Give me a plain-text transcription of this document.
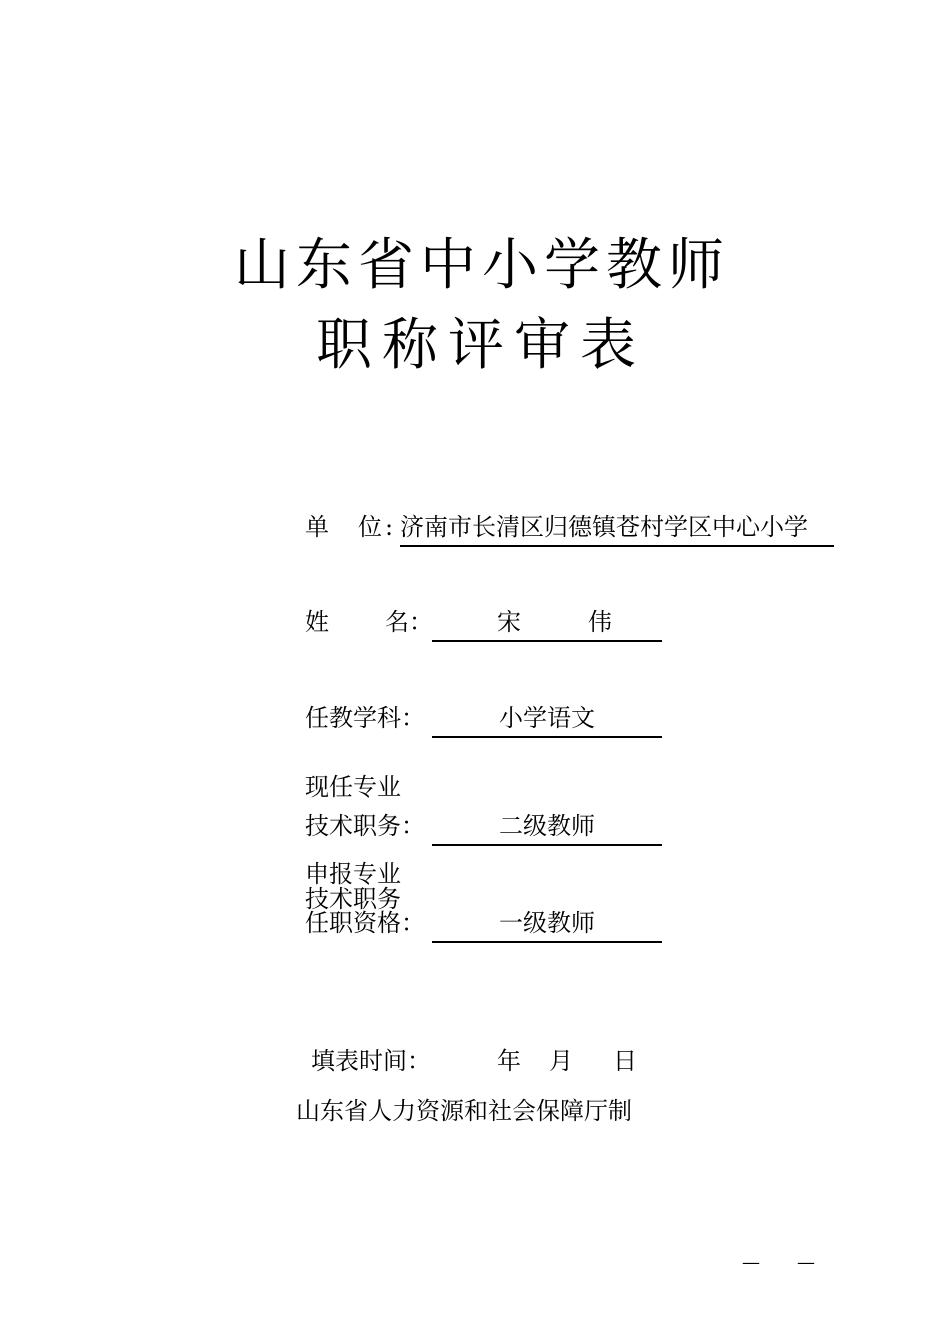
山东省中小学教师
职称评审表
单 位 : 济南市长清区归德镇苍村学区中心小学
姓 名 ：	宋	伟
任教学科：	小学语文
现任专业
技术职务：	二级教师
申报专业
技术职务
任职资格：	一级教师
填表时间：	年 月 日
山东省人力资源和社会保障厅制
— —
